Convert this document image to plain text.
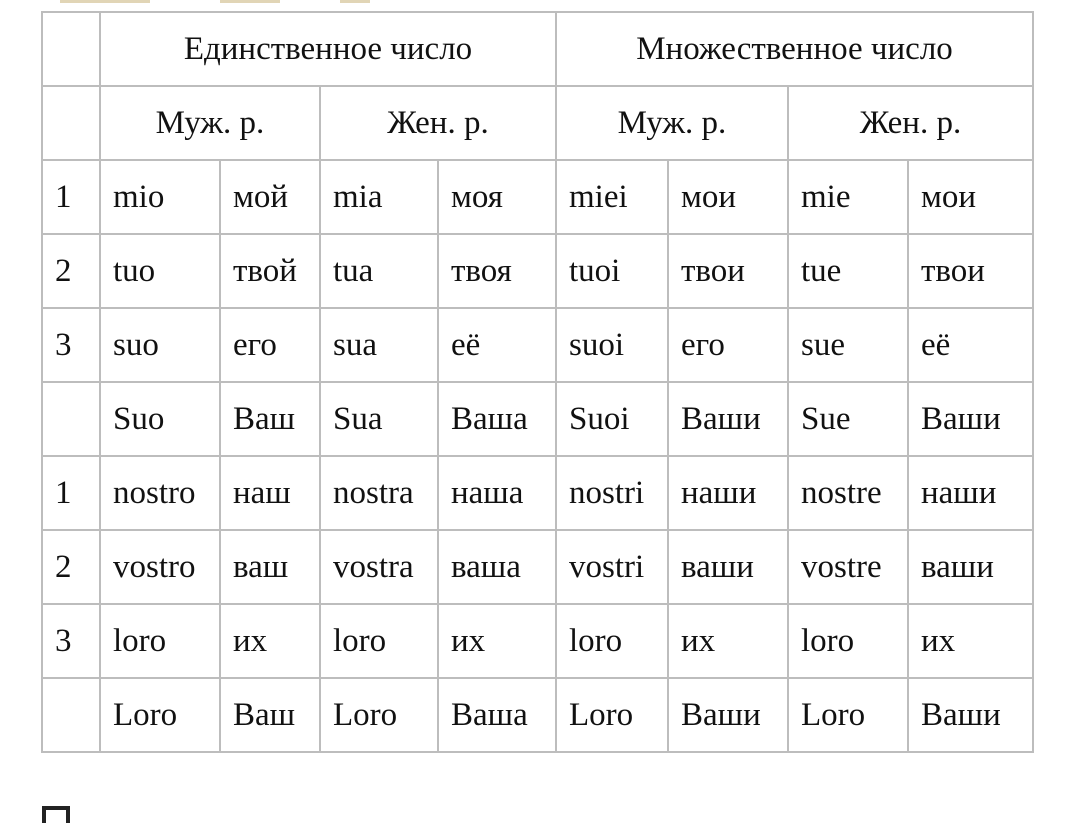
	Единственное число				Множественное число			
	Муж. р.		Жен. р.		Муж. р.		Жен. р.	
1	mio	мой	mia	моя	miei	мои	mie	мои
2	tuo	твой	tua	твоя	tuoi	твои	tue	твои
3	suo	его	sua	её	suoi	его	sue	её
	Suo	Ваш	Sua	Ваша	Suoi	Ваши	Sue	Ваши
1	nostro	наш	nostra	наша	nostri	наши	nostre	наши
2	vostro	ваш	vostra	ваша	vostri	ваши	vostre	ваши
3	loro	их	loro	их	loro	их	loro	их
	Loro	Ваш	Loro	Ваша	Loro	Ваши	Loro	Ваши
